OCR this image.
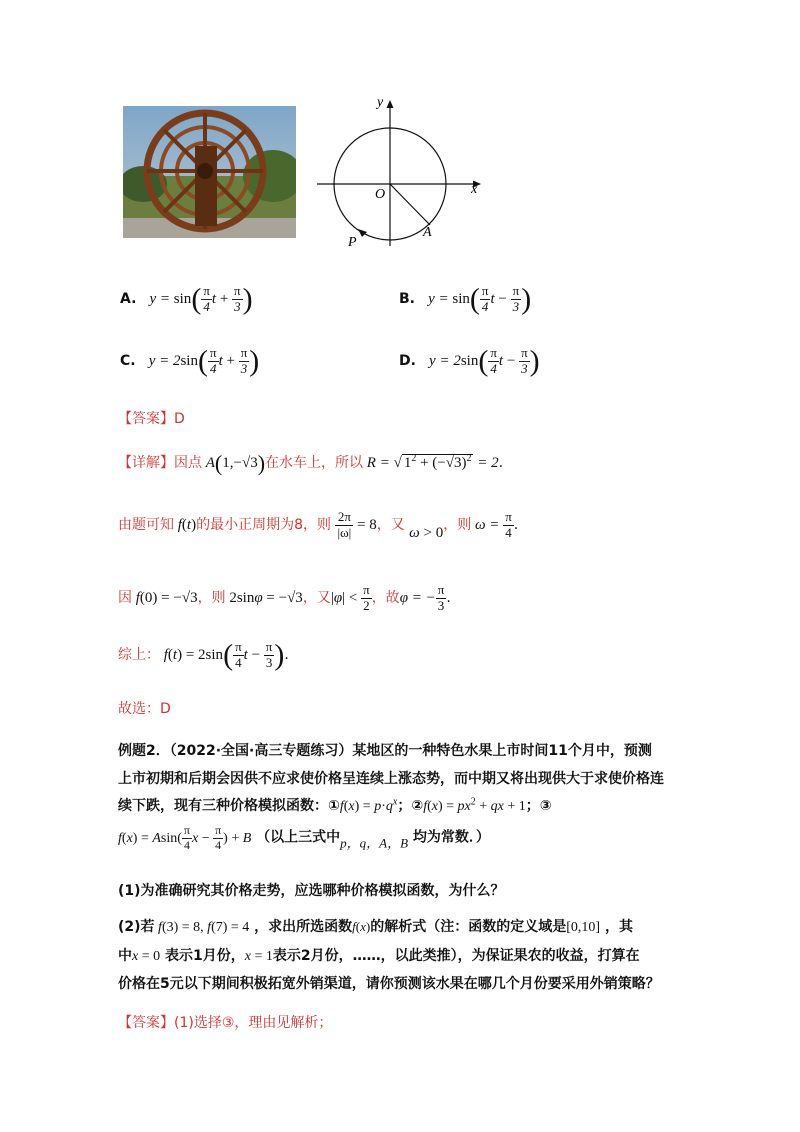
y
x
O
A
P
A. $y = \sin( \frac{\pi}{4}$ $t + \frac{\pi}{3}$ )	B. $y = \sin( \frac{\pi}{4}$ $t - \frac{\pi}{3}$ )
C. $y = 2\sin( \frac{\pi}{4}$ $t + \frac{\pi}{3}$ )	D. $y = 2\sin( \frac{\pi}{4}$ $t - \frac{\pi}{3}$ )
【答案】D
【详解】因点 A(1,−√3)在水车上，所以 R = √ $1^2 + (-√3)^2 = 2$.
由题可知 f(t)的最小正周期为8，则 $\frac{2\pi}{|\omega|} = 8$，又 ω > 0，则 $\omega = \frac{\pi}{4}$ .
因 f(0) = −√3，则 2sinφ = −√3，又$|\varphi| < \frac{\pi}{2}$ ，故φ = − $\frac{\pi}{3}$ .
综上： $f(t) = 2\sin( \frac{\pi}{4}$ $t - \frac{\pi}{3}$ ).
故选：D
例题2．（2022·全国·高三专题练习）某地区的一种特色水果上市时间11个月中，预测
上市初期和后期会因供不应求使价格呈连续上涨态势，而中期又将出现供大于求使价格连
续下跌，现有三种价格模拟函数：①f(x) = $p\cdot q^x$；②f(x) = $px^2$ + qx + 1；③
$f(x) = Asin( \frac{\pi}{4}$ $x - \frac{\pi}{4}$ ) + B （以上三式中p，q，A，B 均为常数．）
(1)为准确研究其价格走势，应选哪种价格模拟函数，为什么？
(2)若 f(3) = 8, f(7) = 4 ，求出所选函数f(x)的解析式（注：函数的定义域是[0,10] ，其
中x = 0 表示1月份，x = 1表示2月份，……，以此类推），为保证果农的收益，打算在
价格在5元以下期间积极拓宽外销渠道，请你预测该水果在哪几个月份要采用外销策略？
【答案】(1)选择③，理由见解析；
